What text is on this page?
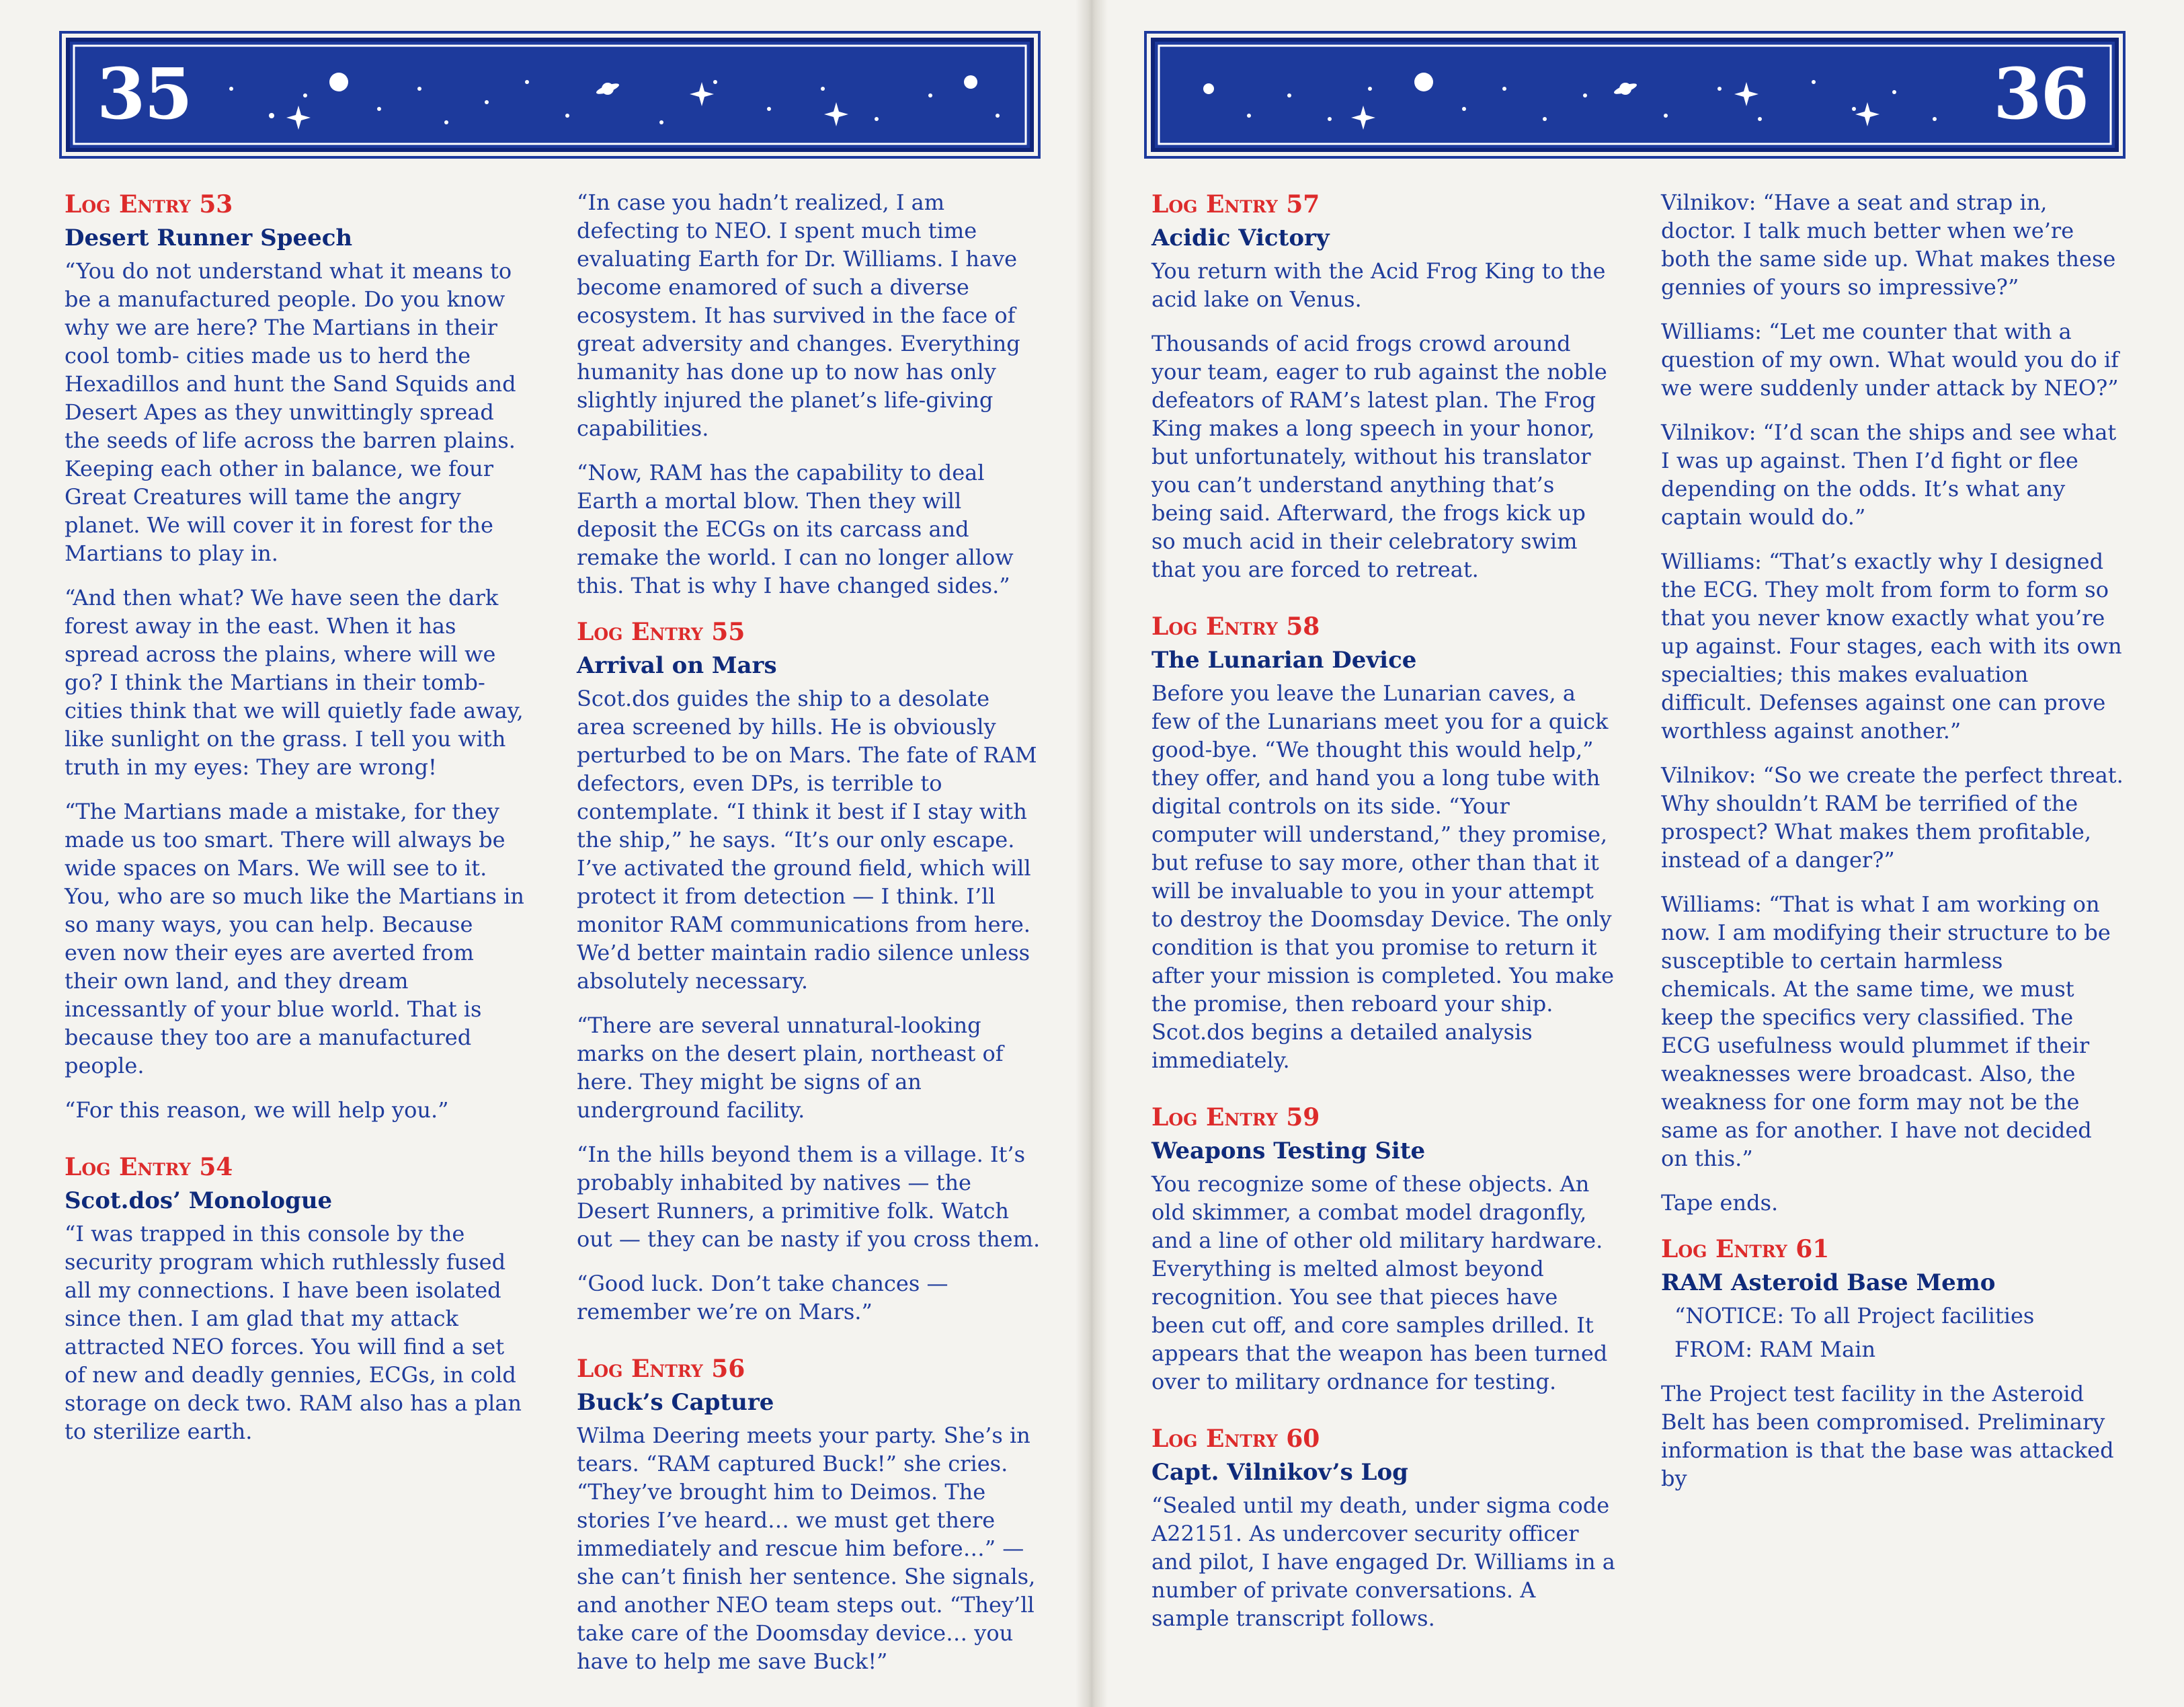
35
Log Entry 53
Desert Runner Speech

“You do not understand what it means to be a manufactured people. Do you know why we are here? The Martians in their cool tomb- cities made us to herd the Hexadillos and hunt the Sand Squids and Desert Apes as they unwittingly spread the seeds of life across the barren plains. Keeping each other in balance, we four Great Creatures will tame the angry planet. We will cover it in forest for the Martians to play in.

“And then what? We have seen the dark forest away in the east. When it has spread across the plains, where will we go? I think the Martians in their tomb-cities think that we will quietly fade away, like sunlight on the grass. I tell you with truth in my eyes: They are wrong!

“The Martians made a mistake, for they made us too smart. There will always be wide spaces on Mars. We will see to it. You, who are so much like the Martians in so many ways, you can help. Because even now their eyes are averted from their own land, and they dream incessantly of your blue world. That is because they too are a manufactured people.

“For this reason, we will help you.”

Log Entry 54
Scot.dos’ Monologue

“I was trapped in this console by the security program which ruthlessly fused all my connections. I have been isolated since then. I am glad that my attack attracted NEO forces. You will find a set of new and deadly gennies, ECGs, in cold storage on deck two. RAM also has a plan to sterilize earth.

“In case you hadn’t realized, I am defecting to NEO. I spent much time evaluating Earth for Dr. Williams. I have become enamored of such a diverse ecosystem. It has survived in the face of great adversity and changes. Everything humanity has done up to now has only slightly injured the planet’s life-giving capabilities.

“Now, RAM has the capability to deal Earth a mortal blow. Then they will deposit the ECGs on its carcass and remake the world. I can no longer allow this. That is why I have changed sides.”

Log Entry 55
Arrival on Mars

Scot.dos guides the ship to a desolate area screened by hills. He is obviously perturbed to be on Mars. The fate of RAM defectors, even DPs, is terrible to contemplate. “I think it best if I stay with the ship,” he says. “It’s our only escape. I’ve activated the ground field, which will protect it from detection — I think. I’ll monitor RAM communications from here. We’d better maintain radio silence unless absolutely necessary.

“There are several unnatural-looking marks on the desert plain, northeast of here. They might be signs of an underground facility.

“In the hills beyond them is a village. It’s probably inhabited by natives — the Desert Runners, a primitive folk. Watch out — they can be nasty if you cross them.

“Good luck. Don’t take chances — remember we’re on Mars.”

Log Entry 56
Buck’s Capture

Wilma Deering meets your party. She’s in tears. “RAM captured Buck!” she cries. “They’ve brought him to Deimos. The stories I’ve heard… we must get there immediately and rescue him before…” —she can’t finish her sentence. She signals, and another NEO team steps out. “They’ll take care of the Doomsday device… you have to help me save Buck!”

36
Log Entry 57
Acidic Victory

You return with the Acid Frog King to the acid lake on Venus.

Thousands of acid frogs crowd around your team, eager to rub against the noble defeators of RAM’s latest plan. The Frog King makes a long speech in your honor, but unfortunately, without his translator you can’t understand anything that’s being said. Afterward, the frogs kick up so much acid in their celebratory swim that you are forced to retreat.

Log Entry 58
The Lunarian Device

Before you leave the Lunarian caves, a few of the Lunarians meet you for a quick good-bye. “We thought this would help,” they offer, and hand you a long tube with digital controls on its side. “Your computer will understand,” they promise, but refuse to say more, other than that it will be invaluable to you in your attempt to destroy the Doomsday Device. The only condition is that you promise to return it after your mission is completed. You make the promise, then reboard your ship. Scot.dos begins a detailed analysis immediately.

Log Entry 59
Weapons Testing Site

You recognize some of these objects. An old skimmer, a combat model dragonfly, and a line of other old military hardware. Everything is melted almost beyond recognition. You see that pieces have been cut off, and core samples drilled. It appears that the weapon has been turned over to military ordnance for testing.

Log Entry 60
Capt. Vilnikov’s Log

“Sealed until my death, under sigma code A22151. As undercover security officer and pilot, I have engaged Dr. Williams in a number of private conversations. A sample transcript follows.

Vilnikov: “Have a seat and strap in, doctor. I talk much better when we’re both the same side up. What makes these gennies of yours so impressive?”

Williams: “Let me counter that with a question of my own. What would you do if we were suddenly under attack by NEO?”

Vilnikov: “I’d scan the ships and see what I was up against. Then I’d fight or flee depending on the odds. It’s what any captain would do.”

Williams: “That’s exactly why I designed the ECG. They molt from form to form so that you never know exactly what you’re up against. Four stages, each with its own specialties; this makes evaluation difficult. Defenses against one can prove worthless against another.”

Vilnikov: “So we create the perfect threat. Why shouldn’t RAM be terrified of the prospect? What makes them profitable, instead of a danger?”

Williams: “That is what I am working on now. I am modifying their structure to be susceptible to certain harmless chemicals. At the same time, we must keep the specifics very classified. The ECG usefulness would plummet if their weaknesses were broadcast. Also, the weakness for one form may not be the same as for another. I have not decided on this.”

Tape ends.

Log Entry 61
RAM Asteroid Base Memo

“NOTICE: To all Project facilities

FROM: RAM Main

The Project test facility in the Asteroid Belt has been compromised. Preliminary information is that the base was attacked by
